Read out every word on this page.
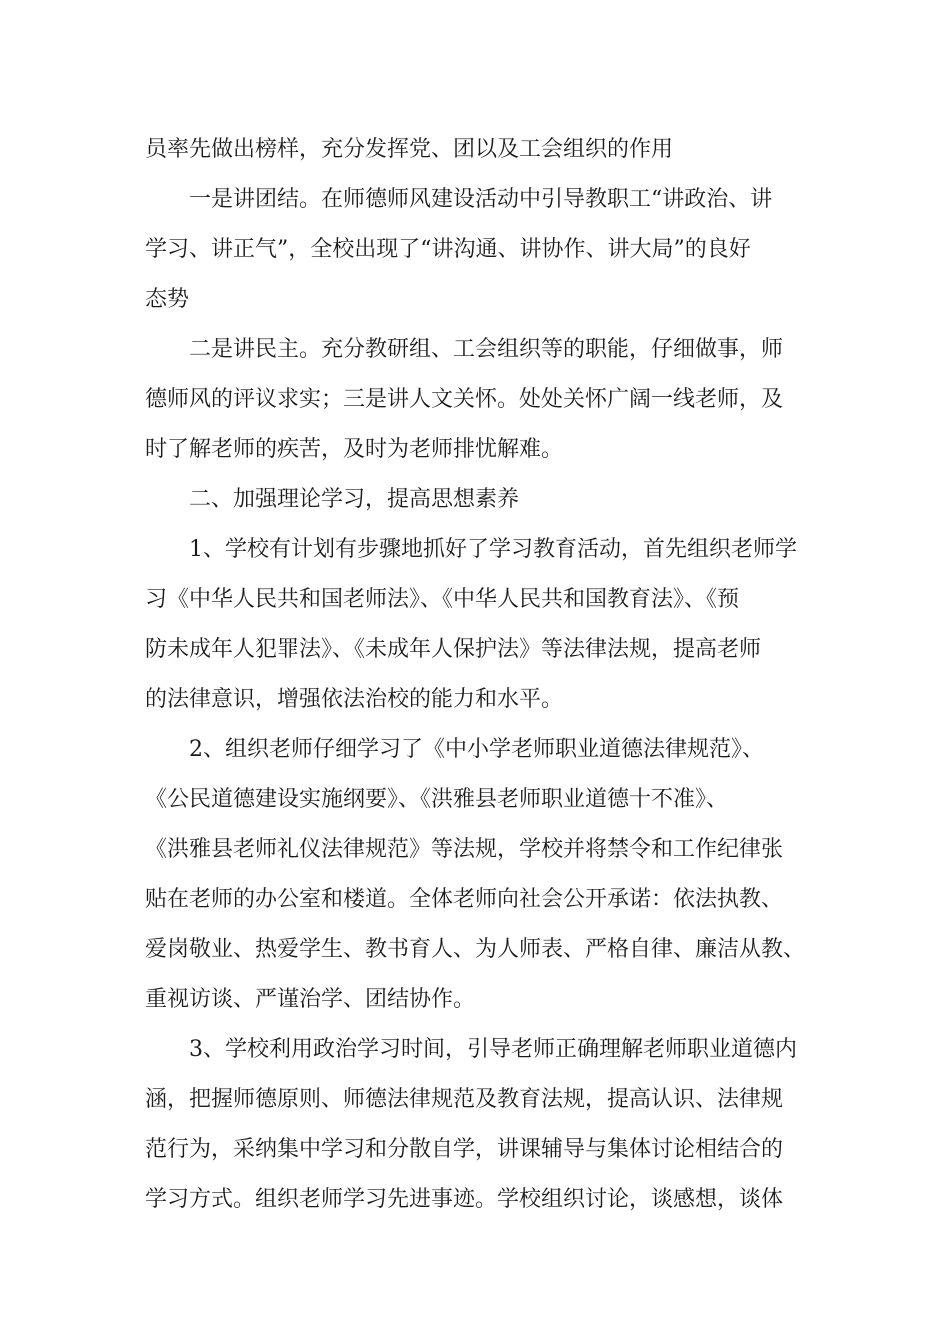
员率先做出榜样，充分发挥党、团以及工会组织的作用
一是讲团结。在师德师风建设活动中引导教职工“讲政治、讲
学习、讲正气”，全校出现了“讲沟通、讲协作、讲大局”的良好
态势
二是讲民主。充分教研组、工会组织等的职能，仔细做事，师
德师风的评议求实；三是讲人文关怀。处处关怀广阔一线老师，及
时了解老师的疾苦，及时为老师排忧解难。
二、加强理论学习，提高思想素养
1、学校有计划有步骤地抓好了学习教育活动，首先组织老师学
习《中华人民共和国老师法》、《中华人民共和国教育法》、《预
防未成年人犯罪法》、《未成年人保护法》等法律法规，提高老师
的法律意识，增强依法治校的能力和水平。
2、组织老师仔细学习了《中小学老师职业道德法律规范》、
《公民道德建设实施纲要》、《洪雅县老师职业道德十不准》、
《洪雅县老师礼仪法律规范》等法规，学校并将禁令和工作纪律张
贴在老师的办公室和楼道。全体老师向社会公开承诺：依法执教、
爱岗敬业、热爱学生、教书育人、为人师表、严格自律、廉洁从教、
重视访谈、严谨治学、团结协作。
3、学校利用政治学习时间，引导老师正确理解老师职业道德内
涵，把握师德原则、师德法律规范及教育法规，提高认识、法律规
范行为，采纳集中学习和分散自学，讲课辅导与集体讨论相结合的
学习方式。组织老师学习先进事迹。学校组织讨论，谈感想，谈体
